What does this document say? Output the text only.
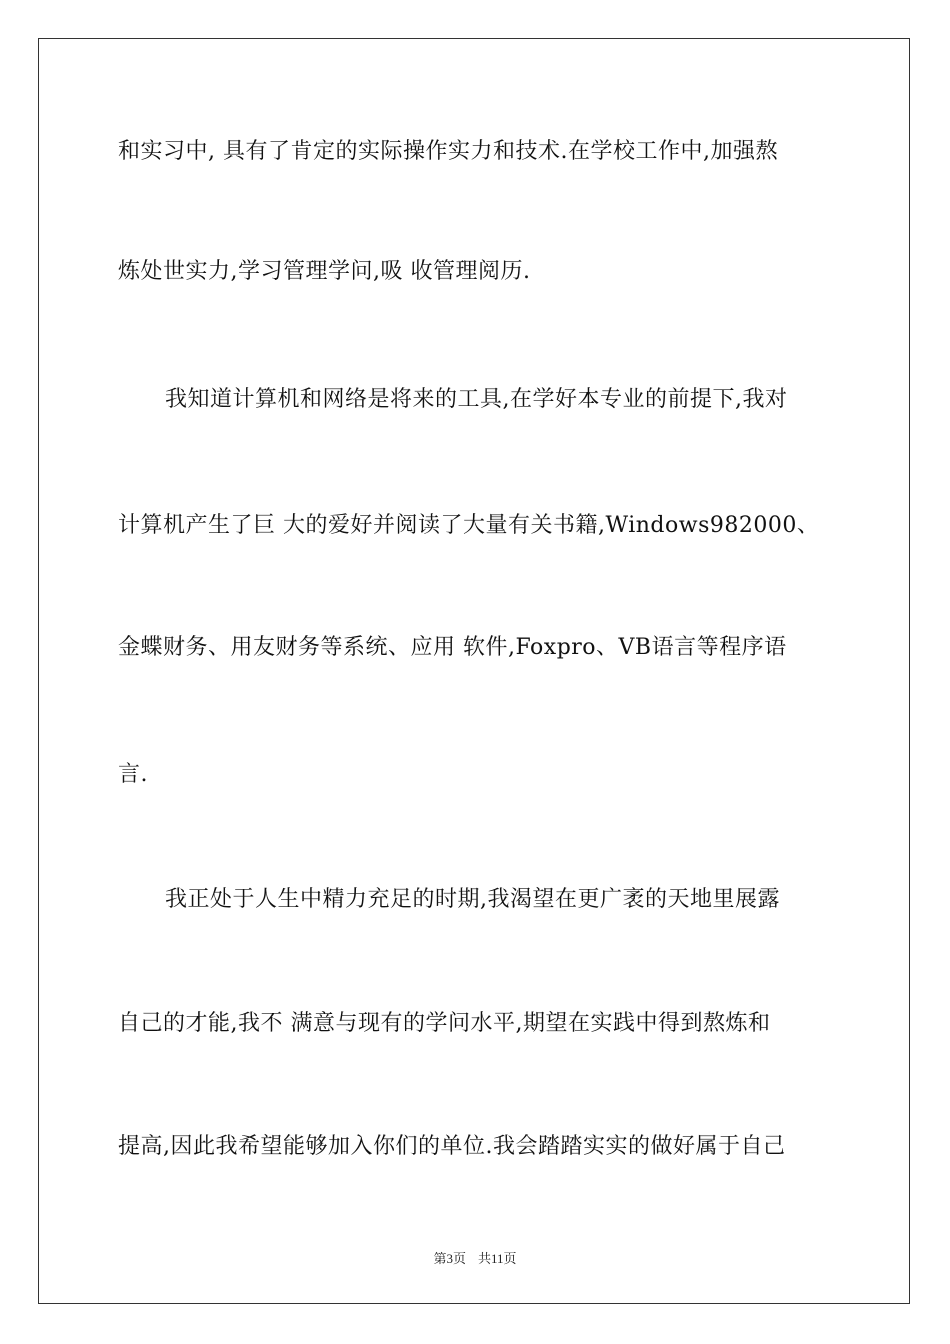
和实习中, 具有了肯定的实际操作实力和技术.在学校工作中,加强熬
炼处世实力,学习管理学问,吸 收管理阅历.
我知道计算机和网络是将来的工具,在学好本专业的前提下,我对
计算机产生了巨 大的爱好并阅读了大量有关书籍,Windows982000、
金蝶财务、用友财务等系统、应用 软件,Foxpro、VB语言等程序语
言.
我正处于人生中精力充足的时期,我渴望在更广袤的天地里展露
自己的才能,我不 满意与现有的学问水平,期望在实践中得到熬炼和
提高,因此我希望能够加入你们的单位.我会踏踏实实的做好属于自己
第3页 共11页
